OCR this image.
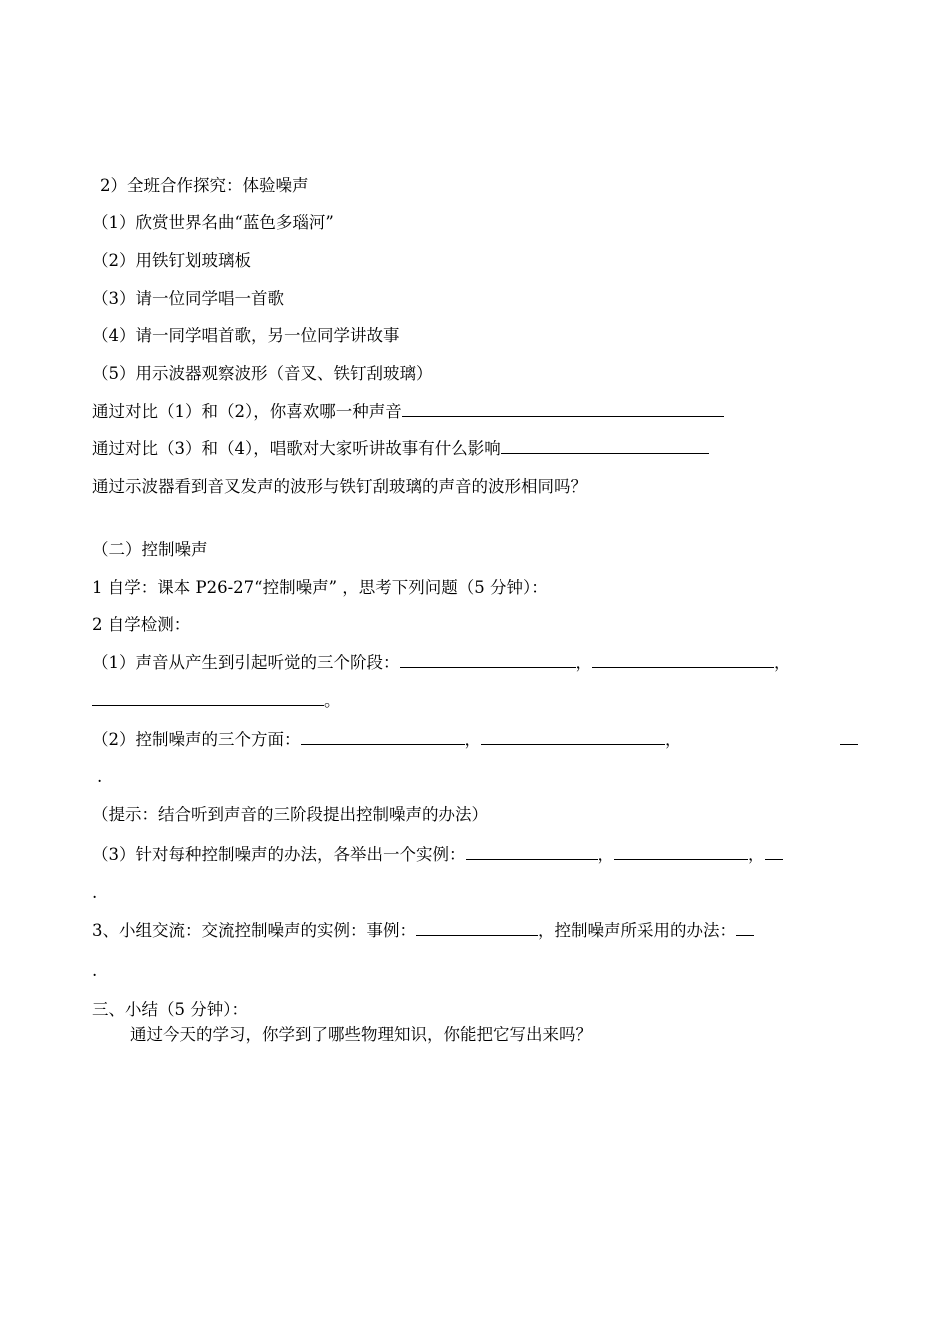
2）全班合作探究：体验噪声
（1）欣赏世界名曲“蓝色多瑙河”
（2）用铁钉划玻璃板
（3）请一位同学唱一首歌
（4）请一同学唱首歌，另一位同学讲故事
（5）用示波器观察波形（音叉、铁钉刮玻璃）
通过对比（1）和（2），你喜欢哪一种声音
通过对比（3）和（4），唱歌对大家听讲故事有什么影响
通过示波器看到音叉发声的波形与铁钉刮玻璃的声音的波形相同吗？
（二）控制噪声
1 自学：课本 P26-27“控制噪声” ，思考下列问题（5 分钟）：
2 自学检测：
（1）声音从产生到引起听觉的三个阶段：	，	，
。
（2）控制噪声的三个方面：	，	，
.
（提示：结合听到声音的三阶段提出控制噪声的办法）
（3）针对每种控制噪声的办法，各举出一个实例：	，	，
.
3、小组交流：交流控制噪声的实例：事例：	，控制噪声所采用的办法：
.
三、小结（5 分钟）：
通过今天的学习，你学到了哪些物理知识，你能把它写出来吗？
